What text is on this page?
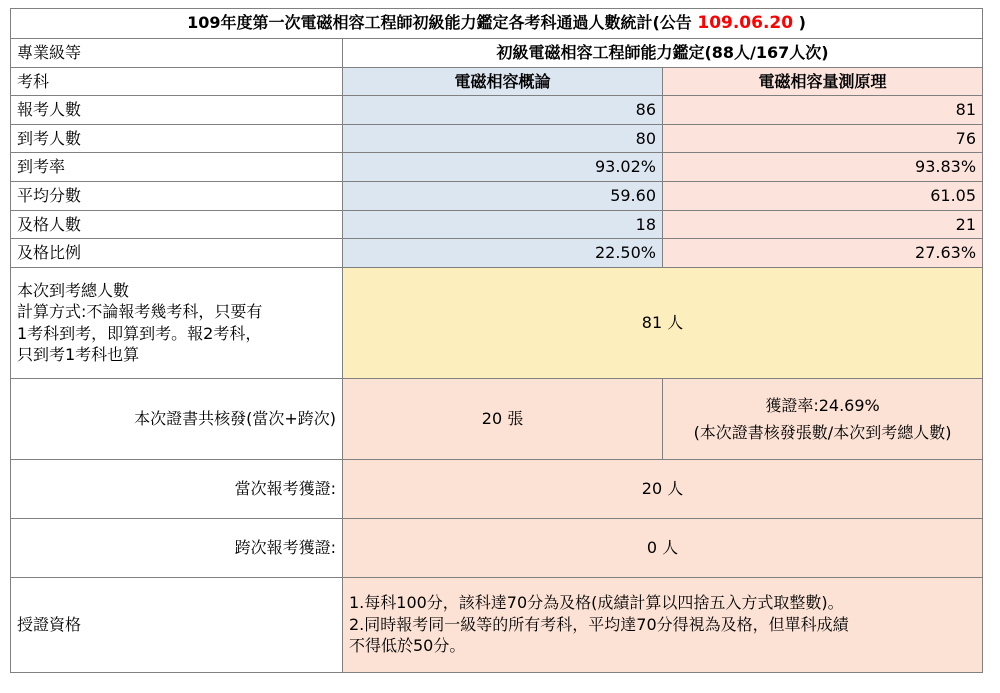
109年度第一次電磁相容工程師初級能力鑑定各考科通過人數統計(公告 109.06.20 )		
專業級等	初級電磁相容工程師能力鑑定(88人/167人次)	
考科	電磁相容概論	電磁相容量測原理
報考人數	86	81
到考人數	80	76
到考率	93.02%	93.83%
平均分數	59.60	61.05
及格人數	18	21
及格比例	22.50%	27.63%

本次到考總人數
計算方式:不論報考幾考科，只要有
1考科到考，即算到考。報2考科，
只到考1考科也算	81 人	
本次證書共核發(當次+跨次)	20 張	獲證率:24.69%
(本次證書核發張數/本次到考總人數)

當次報考獲證:	20 人	
跨次報考獲證:	0 人	
授證資格	1.每科100分，該科達70分為及格(成績計算以四捨五入方式取整數)。
2.同時報考同一級等的所有考科，平均達70分得視為及格，但單科成績
不得低於50分。	
